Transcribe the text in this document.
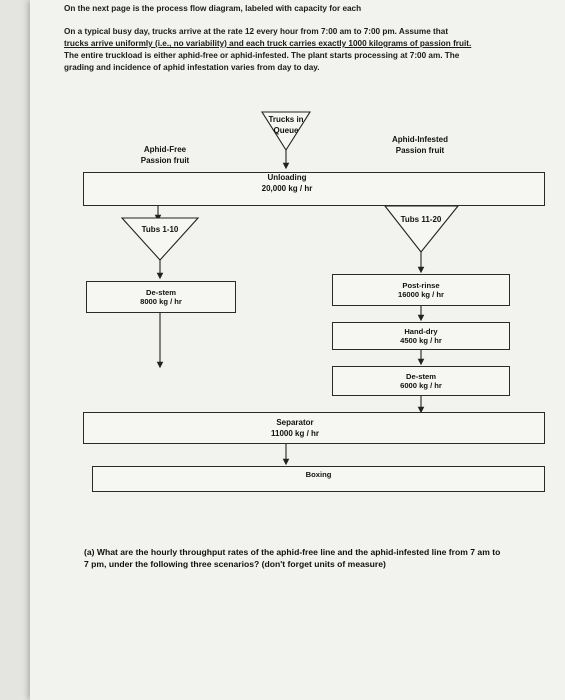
On the next page is the process flow diagram, labeled with capacity for each
On a typical busy day, trucks arrive at the rate 12 every hour from 7:00 am to 7:00 pm. Assume that
trucks arrive uniformly (i.e., no variability) and each truck carries exactly 1000 kilograms of passion fruit.
The entire truckload is either aphid-free or aphid-infested. The plant starts processing at 7:00 am. The
grading and incidence of aphid infestation varies from day to day.
Trucks in Queue
Aphid-Free Passion fruit
Aphid-Infested Passion fruit
Unloading
20,000 kg / hr
Tubs 1-10
Tubs 11-20
De-stem
8000 kg / hr
Post-rinse
16000 kg / hr
Hand-dry
4500 kg / hr
De-stem
6000 kg / hr
Separator
11000 kg / hr
Boxing
(a) What are the hourly throughput rates of the aphid-free line and the aphid-infested line from 7 am to
7 pm, under the following three scenarios? (don't forget units of measure)
